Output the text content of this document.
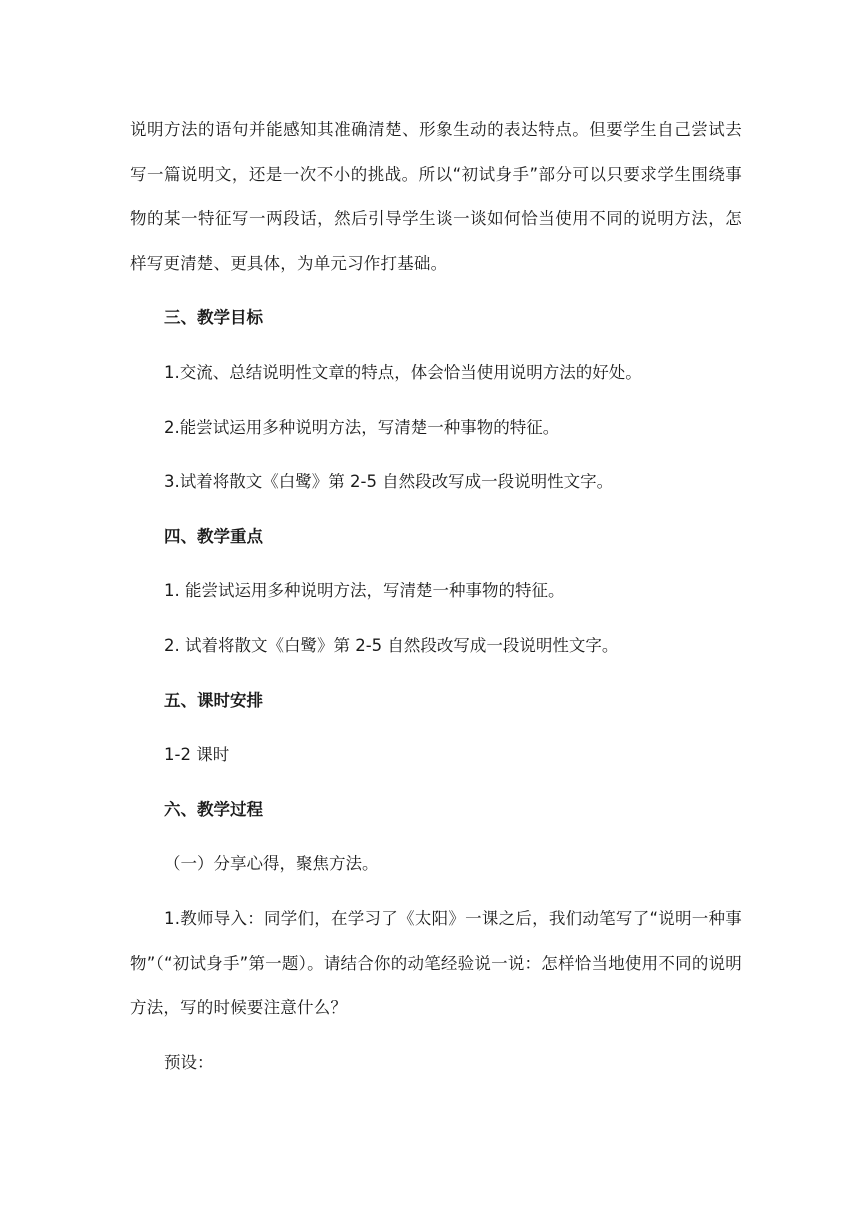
说明方法的语句并能感知其准确清楚、形象生动的表达特点。但要学生自己尝试去写一篇说明文，还是一次不小的挑战。所以“初试身手”部分可以只要求学生围绕事物的某一特征写一两段话，然后引导学生谈一谈如何恰当使用不同的说明方法，怎样写更清楚、更具体，为单元习作打基础。

三、教学目标

1.交流、总结说明性文章的特点，体会恰当使用说明方法的好处。

2.能尝试运用多种说明方法，写清楚一种事物的特征。

3.试着将散文《白鹭》第 2-5 自然段改写成一段说明性文字。

四、教学重点

1. 能尝试运用多种说明方法，写清楚一种事物的特征。

2. 试着将散文《白鹭》第 2-5 自然段改写成一段说明性文字。

五、课时安排

1-2 课时

六、教学过程

（一）分享心得，聚焦方法。

1.教师导入：同学们，在学习了《太阳》一课之后，我们动笔写了“说明一种事物”（“初试身手”第一题）。请结合你的动笔经验说一说：怎样恰当地使用不同的说明方法，写的时候要注意什么？

预设：
